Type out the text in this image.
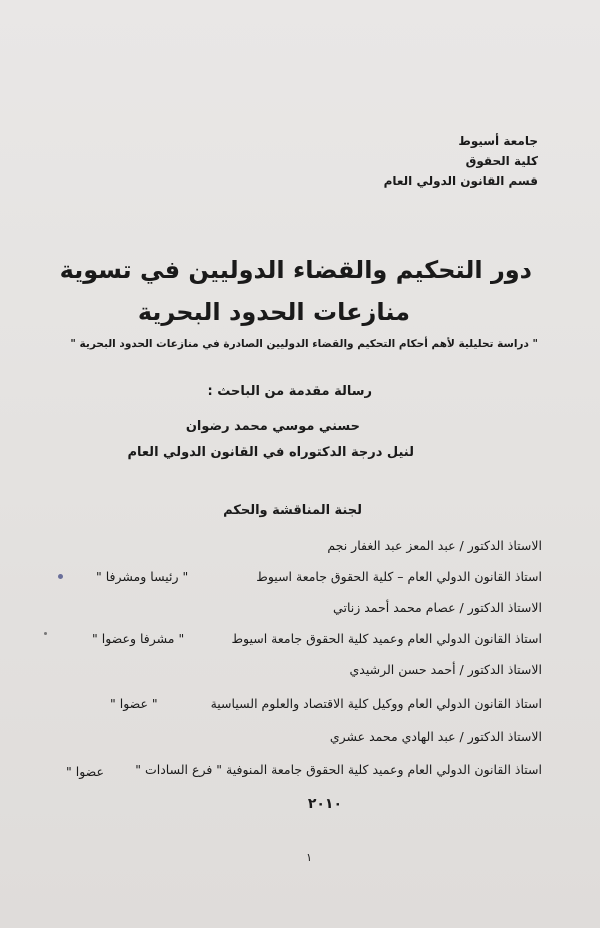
جامعة أسيوط
كلية الحقوق
قسم القانون الدولي العام
دور التحكيم والقضاء الدوليين في تسوية
منازعات الحدود البحرية
" دراسة تحليلية لأهم أحكام التحكيم والقضاء الدوليين الصادرة في منازعات الحدود البحرية "
رسالة مقدمة من الباحث :
حسني موسي محمد رضوان
لنيل درجة الدكتوراه في القانون الدولي العام
لجنة المناقشة والحكم
الاستاذ الدكتور / عبد المعز عبد الغفار نجم
استاذ القانون الدولي العام – كلية الحقوق جامعة اسيوط
" رئيسا ومشرفا "
الاستاذ الدكتور / عصام محمد أحمد زناتي
استاذ القانون الدولي العام وعميد كلية الحقوق جامعة اسيوط
" مشرفا وعضوا "
الاستاذ الدكتور / أحمد حسن الرشيدي
استاذ القانون الدولي العام ووكيل كلية الاقتصاد والعلوم السياسية
" عضوا "
الاستاذ الدكتور / عبد الهادي محمد عشري
استاذ القانون الدولي العام وعميد كلية الحقوق جامعة المنوفية " فرع السادات "
عضوا "
٢٠١٠
١
